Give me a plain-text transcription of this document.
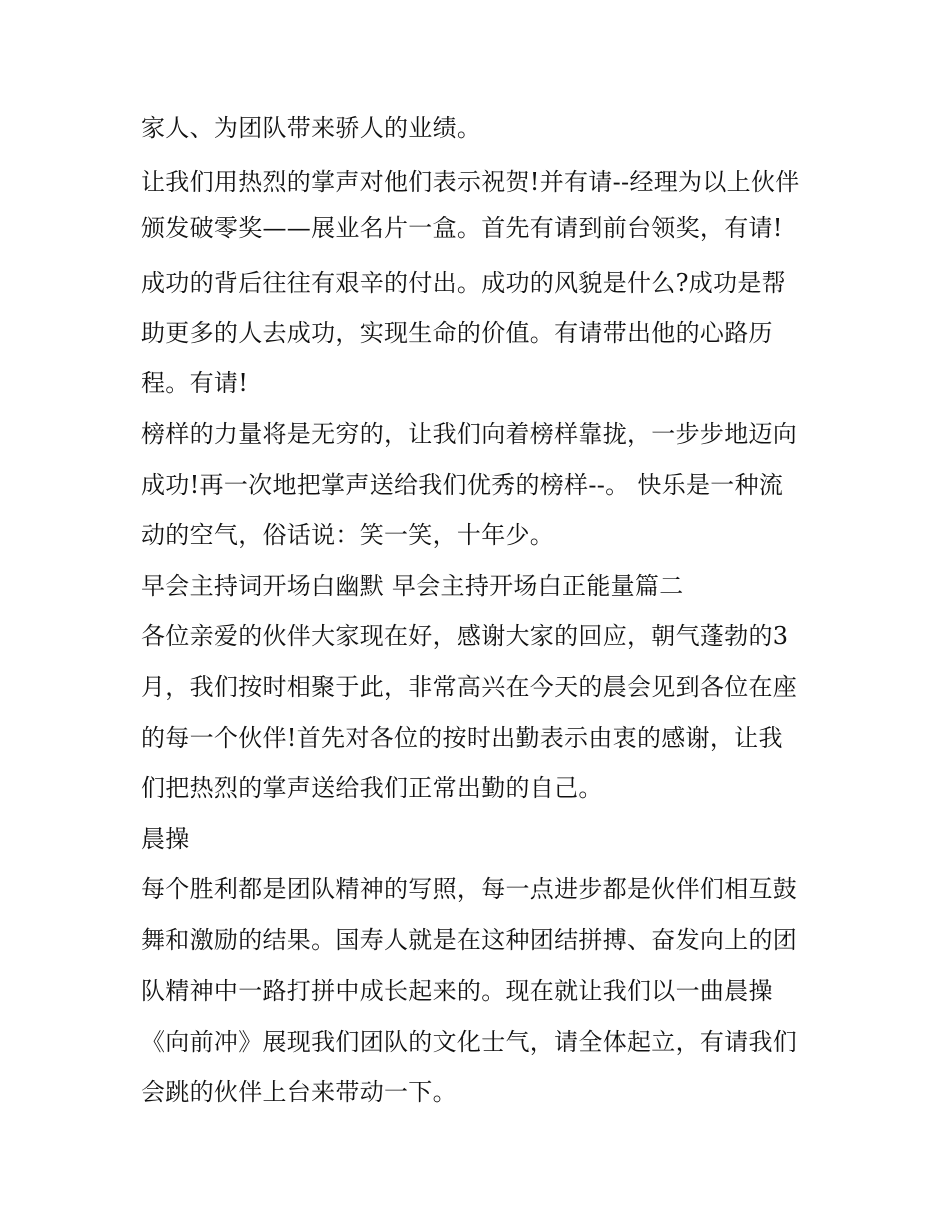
家人、为团队带来骄人的业绩。

让我们用热烈的掌声对他们表示祝贺!并有请--经理为以上伙伴

颁发破零奖——展业名片一盒。首先有请到前台领奖，有请!

成功的背后往往有艰辛的付出。成功的风貌是什么?成功是帮

助更多的人去成功，实现生命的价值。有请带出他的心路历

程。有请!

榜样的力量将是无穷的，让我们向着榜样靠拢，一步步地迈向

成功!再一次地把掌声送给我们优秀的榜样--。 快乐是一种流

动的空气，俗话说：笑一笑，十年少。

早会主持词开场白幽默 早会主持开场白正能量篇二

各位亲爱的伙伴大家现在好，感谢大家的回应，朝气蓬勃的3

月，我们按时相聚于此，非常高兴在今天的晨会见到各位在座

的每一个伙伴!首先对各位的按时出勤表示由衷的感谢，让我

们把热烈的掌声送给我们正常出勤的自己。

晨操

每个胜利都是团队精神的写照，每一点进步都是伙伴们相互鼓

舞和激励的结果。国寿人就是在这种团结拼搏、奋发向上的团

队精神中一路打拼中成长起来的。现在就让我们以一曲晨操

《向前冲》展现我们团队的文化士气，请全体起立，有请我们

会跳的伙伴上台来带动一下。
